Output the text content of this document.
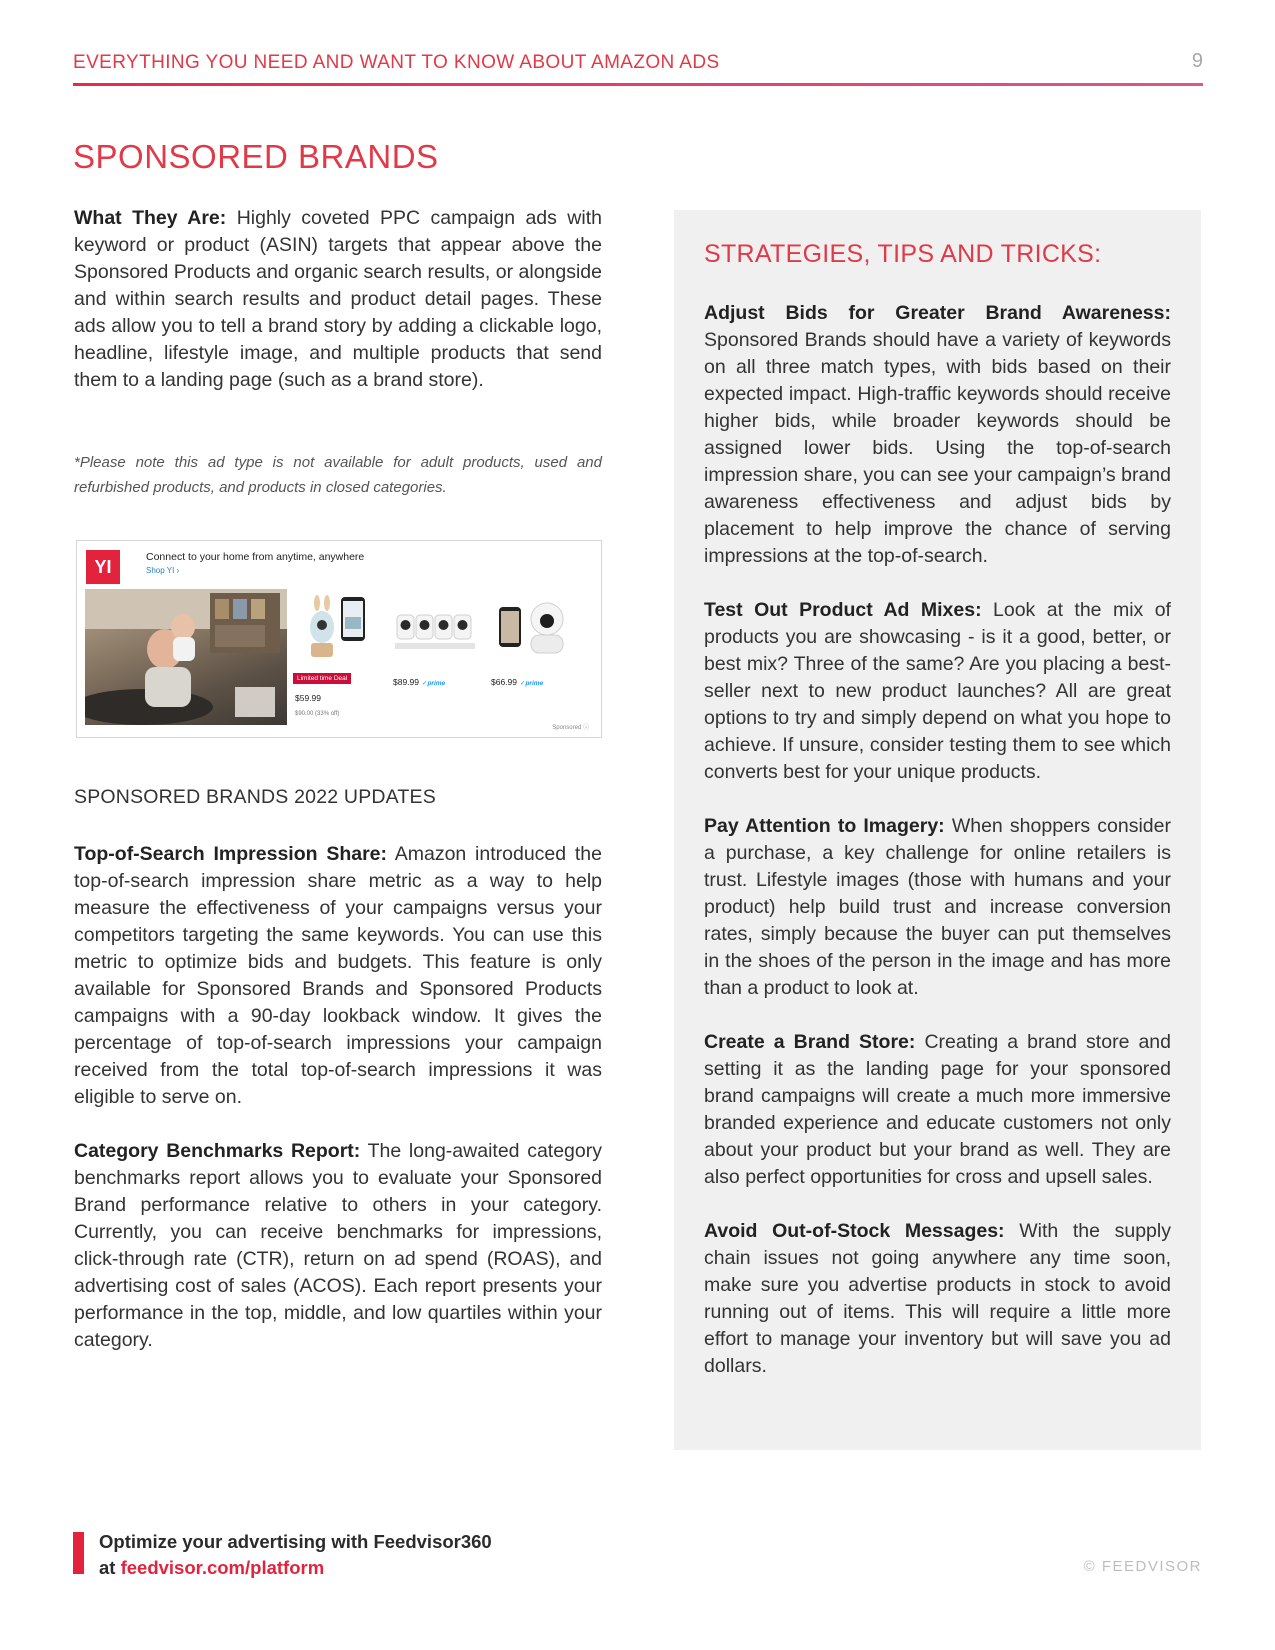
EVERYTHING YOU NEED AND WANT TO KNOW ABOUT AMAZON ADS	9
SPONSORED BRANDS

What They Are: Highly coveted PPC campaign ads with keyword or product (ASIN) targets that appear above the Sponsored Products and organic search results, or alongside and within search results and product detail pages. These ads allow you to tell a brand story by adding a clickable logo, headline, lifestyle image, and multiple products that send them to a landing page (such as a brand store).

*Please note this ad type is not available for adult products, used and refurbished products, and products in closed categories.

YI	Connect to your home from anytime, anywhere
Shop YI ›
Limited time Deal
$59.99
$90.00 (33% off)
$89.99 ✓prime	$66.99 ✓prime
Sponsored ⓘ
SPONSORED BRANDS 2022 UPDATES

Top-of-Search Impression Share: Amazon introduced the top-of-search impression share metric as a way to help measure the effectiveness of your campaigns versus your competitors targeting the same keywords. You can use this metric to optimize bids and budgets. This feature is only available for Sponsored Brands and Sponsored Products campaigns with a 90-day lookback window. It gives the percentage of top-of-search impressions your campaign received from the total top-of-search impressions it was eligible to serve on.

Category Benchmarks Report: The long-awaited category benchmarks report allows you to evaluate your Sponsored Brand performance relative to others in your category. Currently, you can receive benchmarks for impressions, click-through rate (CTR), return on ad spend (ROAS), and advertising cost of sales (ACOS). Each report presents your performance in the top, middle, and low quartiles within your category.

STRATEGIES, TIPS AND TRICKS:

Adjust Bids for Greater Brand Awareness: Sponsored Brands should have a variety of keywords on all three match types, with bids based on their expected impact. High-traffic keywords should receive higher bids, while broader keywords should be assigned lower bids. Using the top-of-search impression share, you can see your campaign’s brand awareness effectiveness and adjust bids by placement to help improve the chance of serving impressions at the top-of-search.

Test Out Product Ad Mixes: Look at the mix of products you are showcasing - is it a good, better, or best mix? Three of the same? Are you placing a best-seller next to new product launches? All are great options to try and simply depend on what you hope to achieve. If unsure, consider testing them to see which converts best for your unique products.

Pay Attention to Imagery: When shoppers consider a purchase, a key challenge for online retailers is trust. Lifestyle images (those with humans and your product) help build trust and increase conversion rates, simply because the buyer can put themselves in the shoes of the person in the image and has more than a product to look at.

Create a Brand Store: Creating a brand store and setting it as the landing page for your sponsored brand campaigns will create a much more immersive branded experience and educate customers not only about your product but your brand as well. They are also perfect opportunities for cross and upsell sales.

Avoid Out-of-Stock Messages: With the supply chain issues not going anywhere any time soon, make sure you advertise products in stock to avoid running out of items. This will require a little more effort to manage your inventory but will save you ad dollars.

Optimize your advertising with Feedvisor360
at feedvisor.com/platform	© FEEDVISOR
